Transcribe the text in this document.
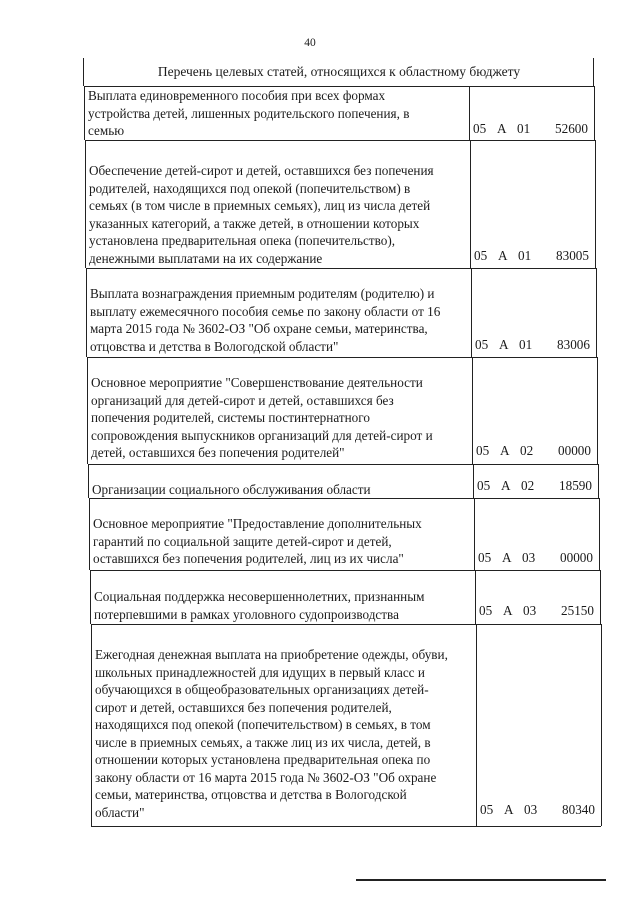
40
Перечень целевых статей, относящихся к областному бюджету
Выплата единовременного пособия при всех формах
устройства детей, лишенных родительского попечения, в
семью	05 А 01 52600
Обеспечение детей-сирот и детей, оставшихся без попечения
родителей, находящихся под опекой (попечительством) в
семьях (в том числе в приемных семьях), лиц из числа детей
указанных категорий, а также детей, в отношении которых
установлена предварительная опека (попечительство),
денежными выплатами на их содержание	05 А 01 83005
Выплата вознаграждения приемным родителям (родителю) и
выплату ежемесячного пособия семье по закону области от 16
марта 2015 года № 3602-ОЗ "Об охране семьи, материнства,
отцовства и детства в Вологодской области"	05 А 01 83006
Основное мероприятие "Совершенствование деятельности
организаций для детей-сирот и детей, оставшихся без
попечения родителей, системы постинтернатного
сопровождения выпускников организаций для детей-сирот и
детей, оставшихся без попечения родителей"	05 А 02 00000
Организации социального обслуживания области	05 А 02 18590
Основное мероприятие "Предоставление дополнительных
гарантий по социальной защите детей-сирот и детей,
оставшихся без попечения родителей, лиц из их числа"	05 А 03 00000
Социальная поддержка несовершеннолетних, признанным
потерпевшими в рамках уголовного судопроизводства	05 А 03 25150
Ежегодная денежная выплата на приобретение одежды, обуви,
школьных принадлежностей для идущих в первый класс и
обучающихся в общеобразовательных организациях детей-
сирот и детей, оставшихся без попечения родителей,
находящихся под опекой (попечительством) в семьях, в том
числе в приемных семьях, а также лиц из их числа, детей, в
отношении которых установлена предварительная опека по
закону области от 16 марта 2015 года № 3602-ОЗ "Об охране
семьи, материнства, отцовства и детства в Вологодской
области"	05 А 03 80340
